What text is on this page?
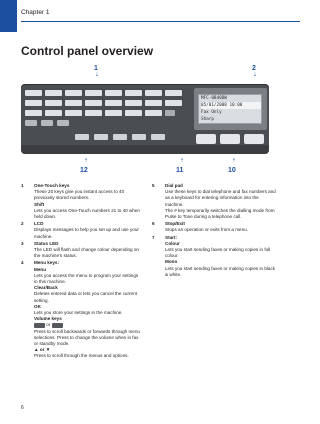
Chapter 1
Control panel overview
1
⇣
2
⇣
MFC-8840DW
05/01/2008 10:00
Fax Only
Sharp
⇡
12
⇡
11
⇡
10
1	One-Touch keys
These 20 keys give you instant access to 40 previously stored numbers.
Shift
Lets you access One-Touch numbers 21 to 40 when held down.
2	LCD
Displays messages to help you set up and use your machine.
3	Status LED
The LED will flash and change colour depending on the machine's status.
4	Menu keys:
Menu
Lets you access the menu to program your settings in this machine.
Clear/Back
Deletes entered data or lets you cancel the current setting.
OK
Lets you store your settings in the machine.
Volume keys
or
Press to scroll backwards or forwards through menu selections. Press to change the volume when in fax or standby mode.
▲ or ▼
Press to scroll through the menus and options.
5	Dial pad
Use these keys to dial telephone and fax numbers and as a keyboard for entering information into the machine.
The # key temporarily switches the dialling mode from Pulse to Tone during a telephone call.
6	Stop/Exit
Stops an operation or exits from a menu.
7	Start:
Colour
Lets you start sending faxes or making copies in full colour.
Mono
Lets you start sending faxes or making copies in black & white.
6
